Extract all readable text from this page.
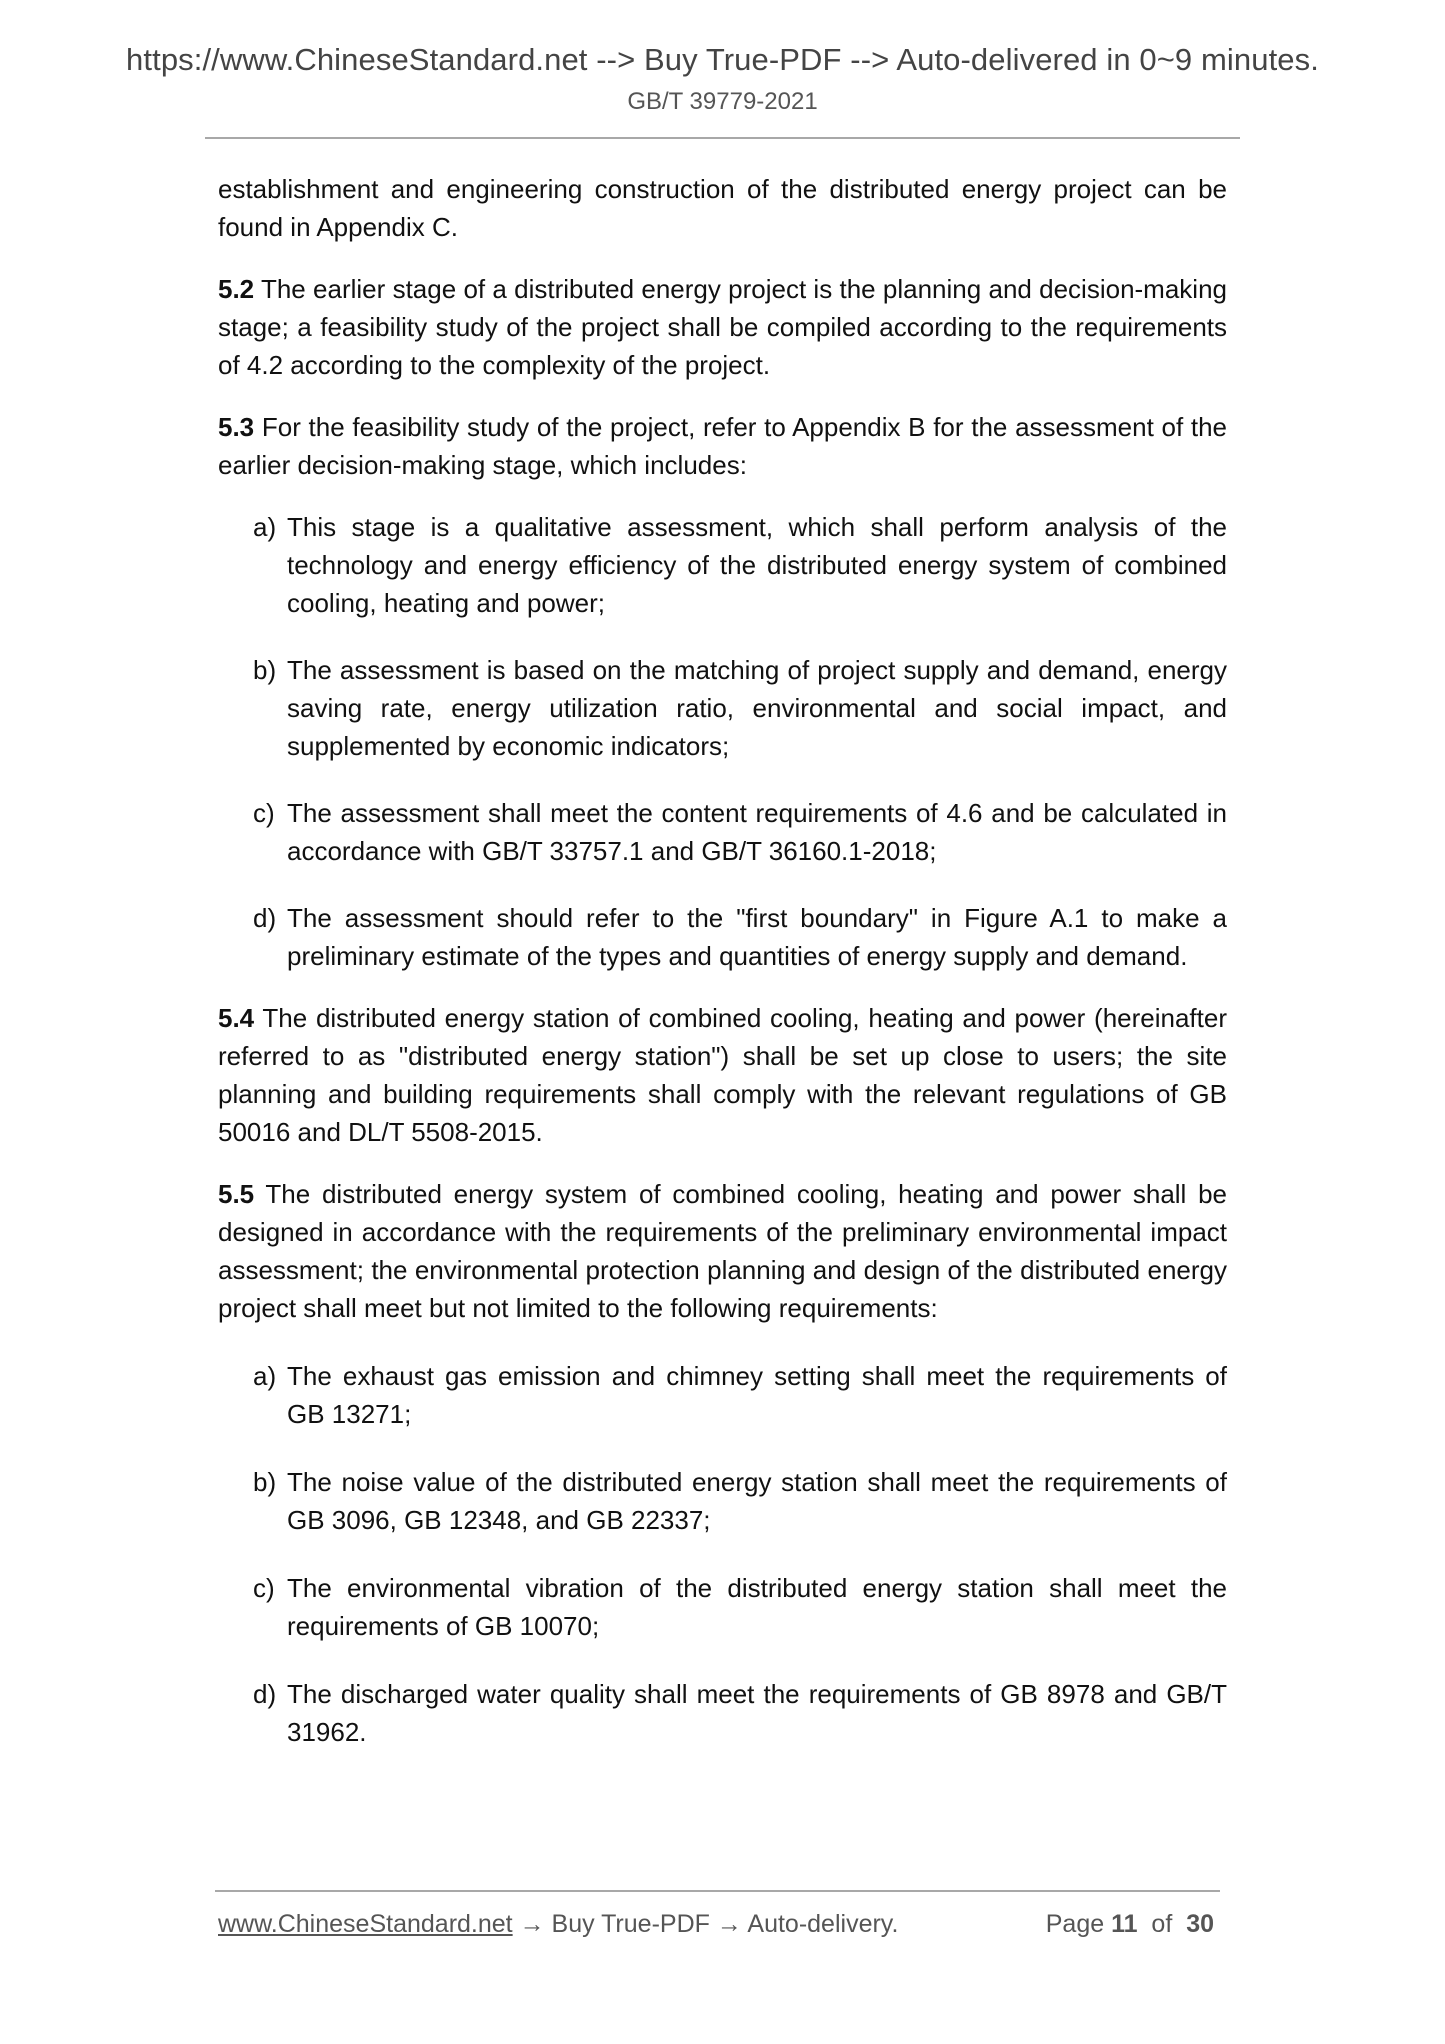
https://www.ChineseStandard.net --> Buy True-PDF --> Auto-delivered in 0~9 minutes.
GB/T 39779-2021

establishment and engineering construction of the distributed energy project can be found in Appendix C.

5.2 The earlier stage of a distributed energy project is the planning and decision-making stage; a feasibility study of the project shall be compiled according to the requirements of 4.2 according to the complexity of the project.

5.3 For the feasibility study of the project, refer to Appendix B for the assessment of the earlier decision-making stage, which includes:

a) This stage is a qualitative assessment, which shall perform analysis of the technology and energy efficiency of the distributed energy system of combined cooling, heating and power;
b) The assessment is based on the matching of project supply and demand, energy saving rate, energy utilization ratio, environmental and social impact, and supplemented by economic indicators;
c) The assessment shall meet the content requirements of 4.6 and be calculated in accordance with GB/T 33757.1 and GB/T 36160.1-2018;
d) The assessment should refer to the "first boundary" in Figure A.1 to make a preliminary estimate of the types and quantities of energy supply and demand.

5.4 The distributed energy station of combined cooling, heating and power (hereinafter referred to as "distributed energy station") shall be set up close to users; the site planning and building requirements shall comply with the relevant regulations of GB 50016 and DL/T 5508-2015.

5.5 The distributed energy system of combined cooling, heating and power shall be designed in accordance with the requirements of the preliminary environmental impact assessment; the environmental protection planning and design of the distributed energy project shall meet but not limited to the following requirements:

a) The exhaust gas emission and chimney setting shall meet the requirements of GB 13271;
b) The noise value of the distributed energy station shall meet the requirements of GB 3096, GB 12348, and GB 22337;
c) The environmental vibration of the distributed energy station shall meet the requirements of GB 10070;
d) The discharged water quality shall meet the requirements of GB 8978 and GB/T 31962.
www.ChineseStandard.net → Buy True-PDF → Auto-delivery.	Page 11 of 30
